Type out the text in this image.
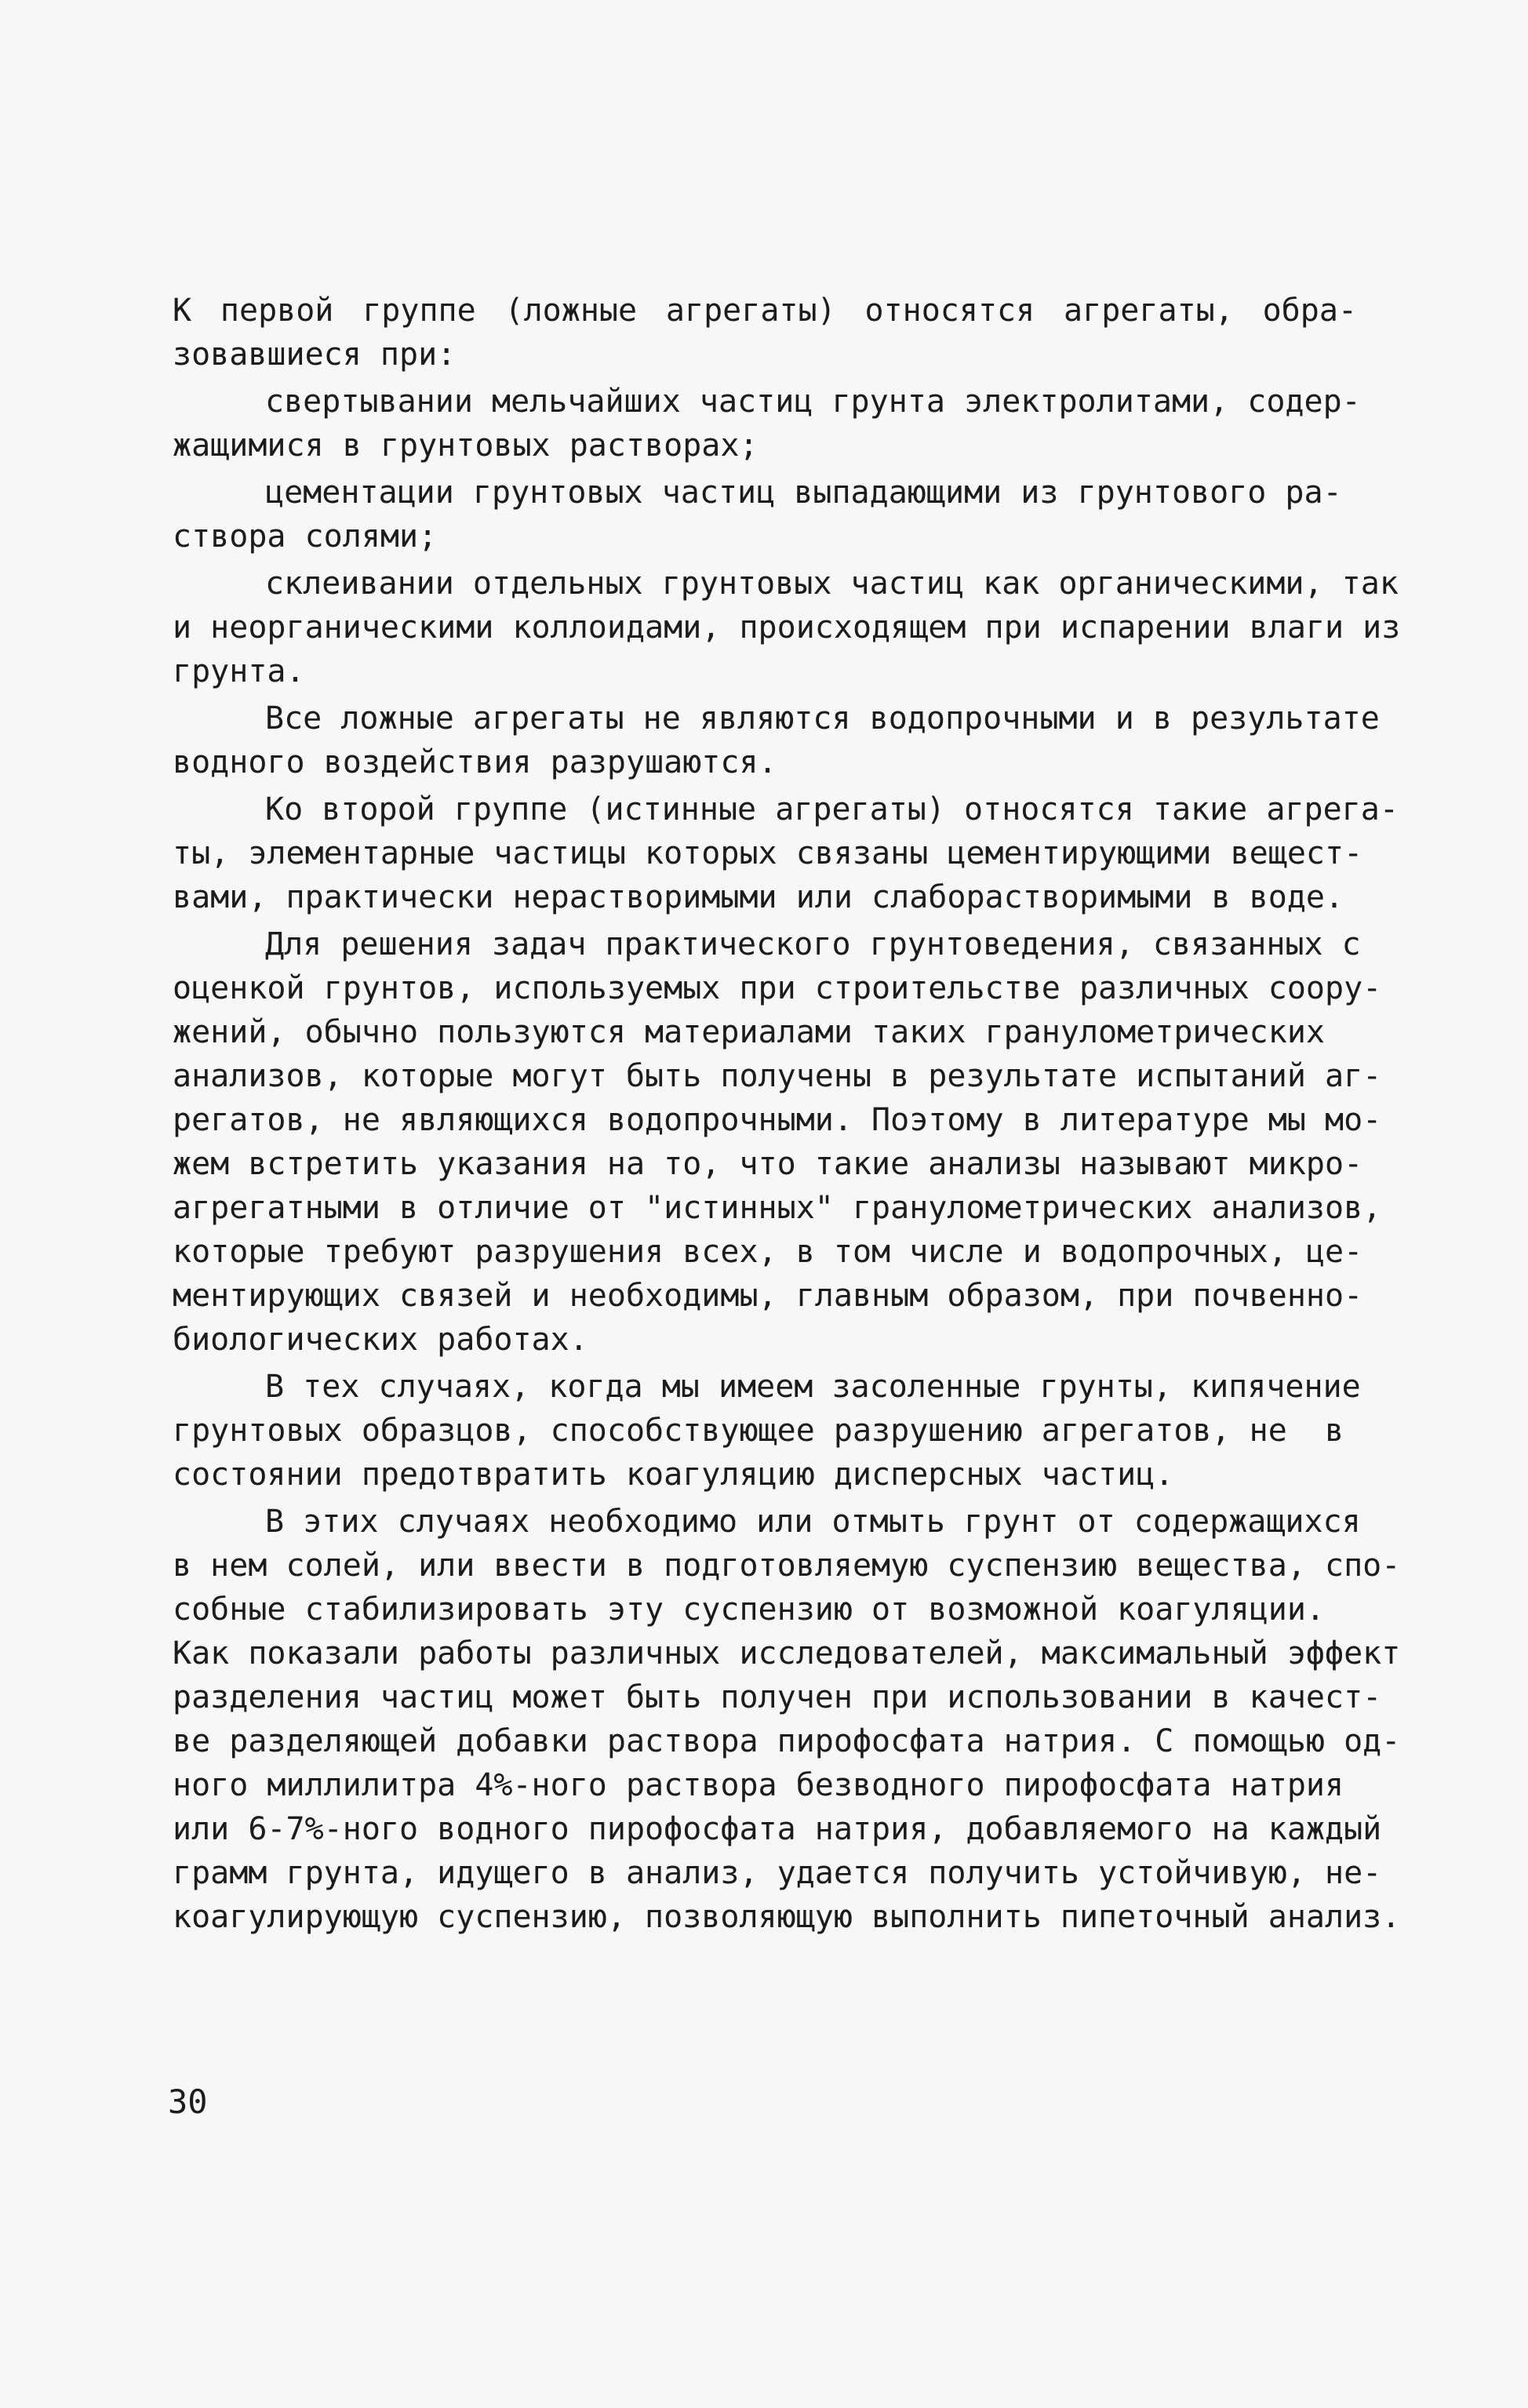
К первой группе (ложные агрегаты) относятся агрегаты, обра-
зовавшиеся при:
свертывании мельчайших частиц грунта электролитами, содер-
жащимися в грунтовых растворах;
цементации грунтовых частиц выпадающими из грунтового ра-
створа солями;
склеивании отдельных грунтовых частиц как органическими, так
и неорганическими коллоидами, происходящем при испарении влаги из
грунта.
Все ложные агрегаты не являются водопрочными и в результате
водного воздействия разрушаются.
Ко второй группе (истинные агрегаты) относятся такие агрега-
ты, элементарные частицы которых связаны цементирующими вещест-
вами, практически нерастворимыми или слаборастворимыми в воде.
Для решения задач практического грунтоведения, связанных с
оценкой грунтов, используемых при строительстве различных соору-
жений, обычно пользуются материалами таких гранулометрических
анализов, которые могут быть получены в результате испытаний аг-
регатов, не являющихся водопрочными. Поэтому в литературе мы мо-
жем встретить указания на то, что такие анализы называют микро-
агрегатными в отличие от "истинных" гранулометрических анализов,
которые требуют разрушения всех, в том числе и водопрочных, це-
ментирующих связей и необходимы, главным образом, при почвенно-
биологических работах.
В тех случаях, когда мы имеем засоленные грунты, кипячение
грунтовых образцов, способствующее разрушению агрегатов, не  в
состоянии предотвратить коагуляцию дисперсных частиц.
В этих случаях необходимо или отмыть грунт от содержащихся
в нем солей, или ввести в подготовляемую суспензию вещества, спо-
собные стабилизировать эту суспензию от возможной коагуляции.
Как показали работы различных исследователей, максимальный эффект
разделения частиц может быть получен при использовании в качест-
ве разделяющей добавки раствора пирофосфата натрия. С помощью од-
ного миллилитра 4%-ного раствора безводного пирофосфата натрия
или 6-7%-ного водного пирофосфата натрия, добавляемого на каждый
грамм грунта, идущего в анализ, удается получить устойчивую, не-
коагулирующую суспензию, позволяющую выполнить пипеточный анализ.
30
